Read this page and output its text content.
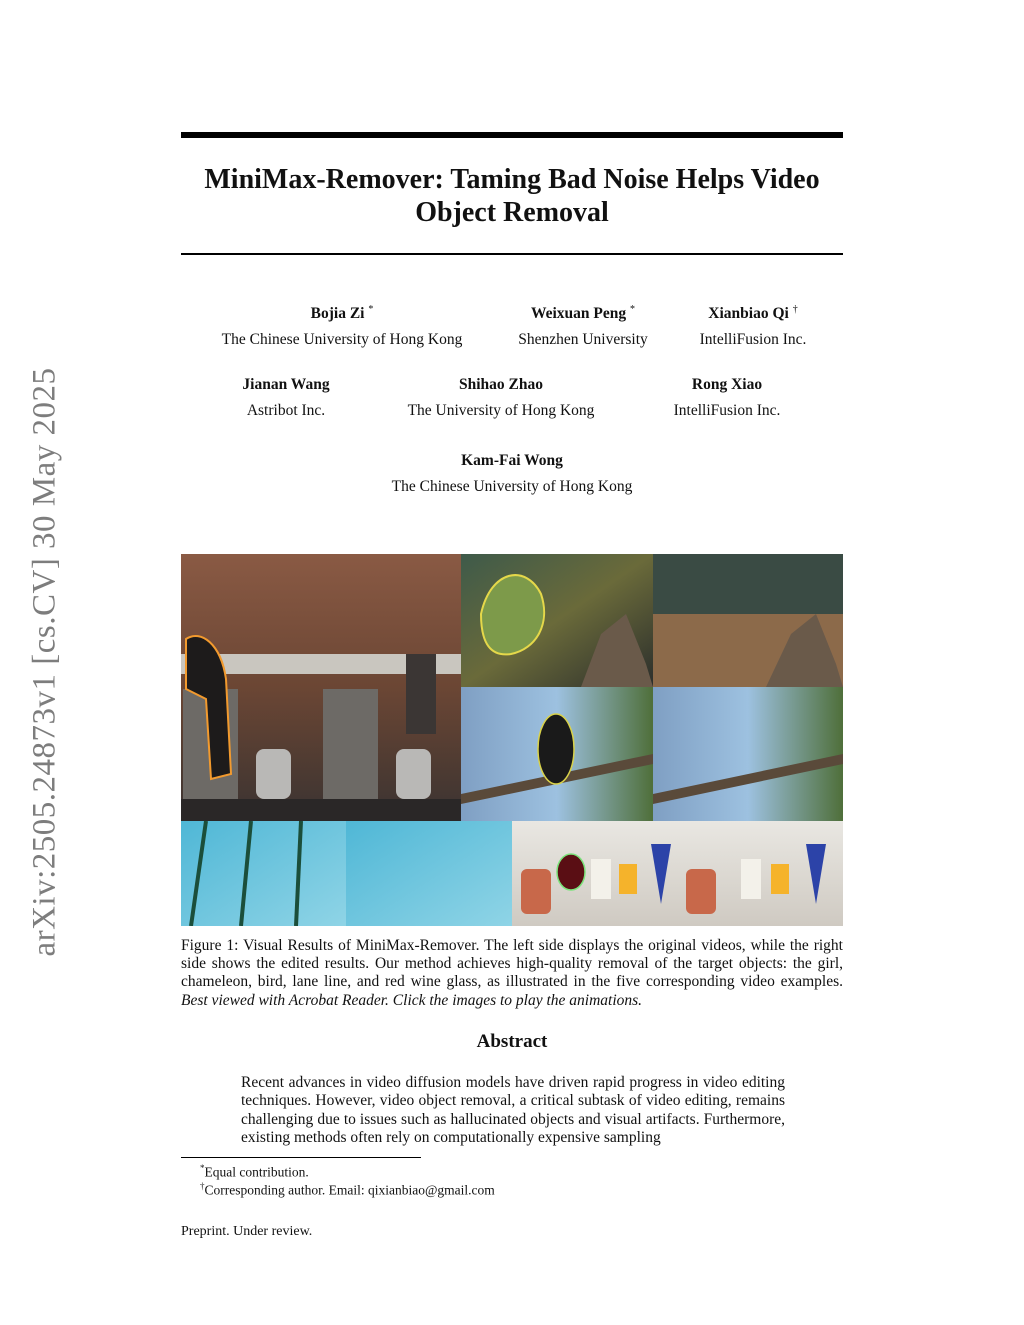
MiniMax-Remover: Taming Bad Noise Helps Video
Object Removal
arXiv:2505.24873v1 [cs.CV] 30 May 2025
Bojia Zi *
The Chinese University of Hong Kong
Weixuan Peng *
Shenzhen University
Xianbiao Qi †
IntelliFusion Inc.
Jianan Wang
Astribot Inc.
Shihao Zhao
The University of Hong Kong
Rong Xiao
IntelliFusion Inc.
Kam-Fai Wong
The Chinese University of Hong Kong

Figure 1: Visual Results of MiniMax-Remover. The left side displays the original videos, while the right side shows the edited results. Our method achieves high-quality removal of the target objects: the girl, chameleon, bird, lane line, and red wine glass, as illustrated in the five corresponding video examples. Best viewed with Acrobat Reader. Click the images to play the animations.

Abstract

Recent advances in video diffusion models have driven rapid progress in video editing techniques. However, video object removal, a critical subtask of video editing, remains challenging due to issues such as hallucinated objects and visual artifacts. Furthermore, existing methods often rely on computationally expensive sampling

*Equal contribution.
†Corresponding author. Email: qixianbiao@gmail.com
Preprint. Under review.
